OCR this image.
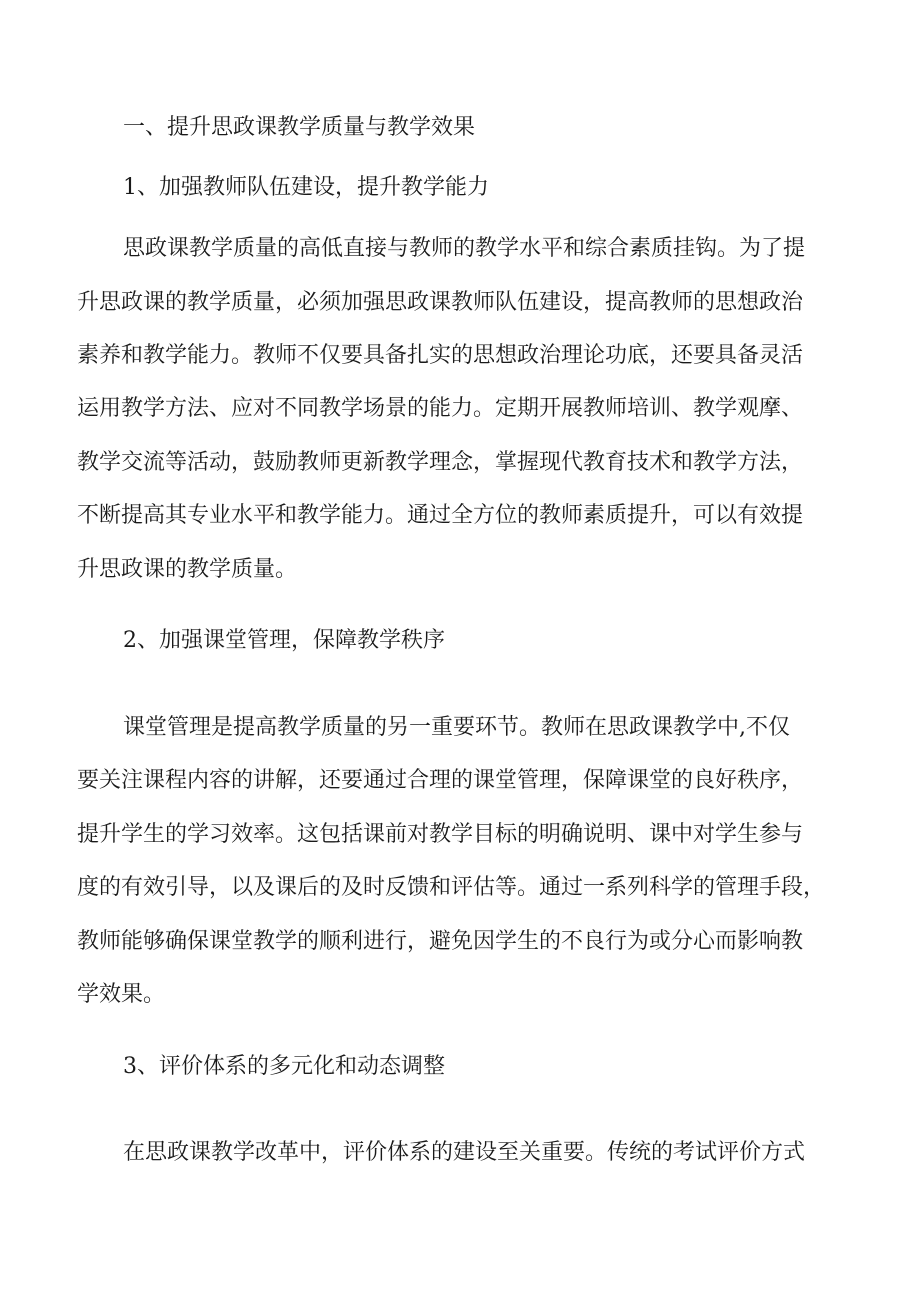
一、提升思政课教学质量与教学效果

1、加强教师队伍建设，提升教学能力

思政课教学质量的高低直接与教师的教学水平和综合素质挂钩。为了提

升思政课的教学质量，必须加强思政课教师队伍建设，提高教师的思想政治

素养和教学能力。教师不仅要具备扎实的思想政治理论功底，还要具备灵活

运用教学方法、应对不同教学场景的能力。定期开展教师培训、教学观摩、

教学交流等活动，鼓励教师更新教学理念，掌握现代教育技术和教学方法，

不断提高其专业水平和教学能力。通过全方位的教师素质提升，可以有效提

升思政课的教学质量。

2、加强课堂管理，保障教学秩序

课堂管理是提高教学质量的另一重要环节。教师在思政课教学中,不仅

要关注课程内容的讲解，还要通过合理的课堂管理，保障课堂的良好秩序，

提升学生的学习效率。这包括课前对教学目标的明确说明、课中对学生参与

度的有效引导，以及课后的及时反馈和评估等。通过一系列科学的管理手段，

教师能够确保课堂教学的顺利进行，避免因学生的不良行为或分心而影响教

学效果。

3、评价体系的多元化和动态调整

在思政课教学改革中，评价体系的建设至关重要。传统的考试评价方式
